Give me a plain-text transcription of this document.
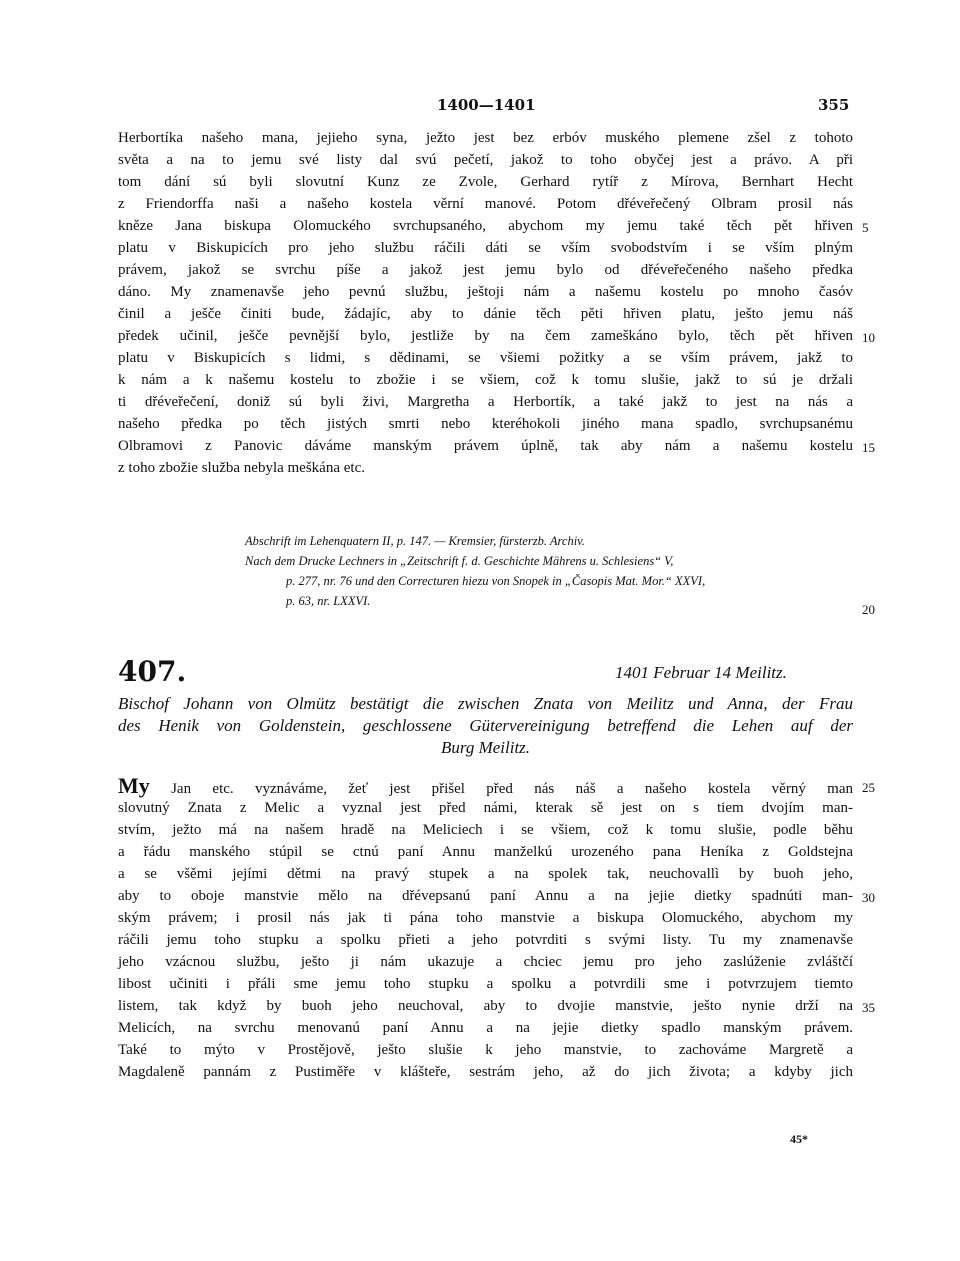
1400—1401	355
Herbortíka našeho mana, jejieho syna, ježto jest bez erbóv muského plemene zšel z tohoto
světa a na to jemu své listy dal svú pečetí, jakož to toho obyčej jest a právo. A při
tom dání sú byli slovutní Kunz ze Zvole, Gerhard rytíř z Mírova, Bernhart Hecht
z Friendorffa naši a našeho kostela věrní manové. Potom dřéveřečený Olbram prosil nás
kněze Jana biskupa Olomuckého svrchupsaného, abychom my jemu také těch pět hřiven
platu v Biskupicích pro jeho službu ráčili dáti se vším svobodstvím i se vším plným
právem, jakož se svrchu píše a jakož jest jemu bylo od dřéveřečeného našeho předka
dáno. My znamenavše jeho pevnú službu, ještoji nám a našemu kostelu po mnoho časóv
činil a ješče činiti bude, žádajíc, aby to dánie těch pěti hřiven platu, ješto jemu náš
předek učinil, ješče pevnější bylo, jestliže by na čem zameškáno bylo, těch pět hřiven
platu v Biskupicích s lidmi, s dědinami, se všiemi požitky a se vším právem, jakž to
k nám a k našemu kostelu to zbožie i se všiem, což k tomu slušie, jakž to sú je držali
ti dřéveřečení, doniž sú byli živi, Margretha a Herbortík, a také jakž to jest na nás a
našeho předka po těch jistých smrti nebo kteréhokoli jiného mana spadlo, svrchupsanému
Olbramovi z Panovic dáváme manským právem úplně, tak aby nám a našemu kostelu
z toho zbožie služba nebyla meškána etc.
5
10
15
Abschrift im Lehenquatern II, p. 147. — Kremsier, fürsterzb. Archiv.
Nach dem Drucke Lechners in „Zeitschrift f. d. Geschichte Mährens u. Schlesiens“ V,
p. 277, nr. 76 und den Correcturen hiezu von Snopek in „Časopis Mat. Mor.“ XXVI,
p. 63, nr. LXXVI.
20
407.	1401 Februar 14 Meilitz.
Bischof Johann von Olmütz bestätigt die zwischen Znata von Meilitz und Anna, der Frau
des Henik von Goldenstein, geschlossene Gütervereinigung betreffend die Lehen auf der
Burg Meilitz.
My Jan etc. vyznáváme, žeť jest přišel před nás náš a našeho kostela věrný man
slovutný Znata z Melic a vyznal jest před námi, kterak sě jest on s tiem dvojím man-
stvím, ježto má na našem hradě na Meliciech i se všiem, což k tomu slušie, podle běhu
a řádu manského stúpil se ctnú paní Annu manželkú urozeného pana Heníka z Goldstejna
a se všěmi jejími dětmi na pravý stupek a na spolek tak, neuchovallì by buoh jeho,
aby to oboje manstvie mělo na dřévepsanú paní Annu a na jejie dietky spadnúti man-
ským právem; i prosil nás jak ti pána toho manstvie a biskupa Olomuckého, abychom my
ráčili jemu toho stupku a spolku přieti a jeho potvrditi s svými listy. Tu my znamenavše
jeho vzácnou službu, ješto ji nám ukazuje a chciec jemu pro jeho zaslúženie zvláštčí
libost učiniti i přáli sme jemu toho stupku a spolku a potvrdili sme i potvrzujem tiemto
listem, tak když by buoh jeho neuchoval, aby to dvojie manstvie, ješto nynie drží na
Melicích, na svrchu menovanú paní Annu a na jejie dietky spadlo manským právem.
Také to mýto v Prostějově, ješto slušie k jeho manstvie, to zachováme Margretě a
Magdaleně pannám z Pustiměře v klášteře, sestrám jeho, až do jich života; a kdyby jich
25
30
35
45*
